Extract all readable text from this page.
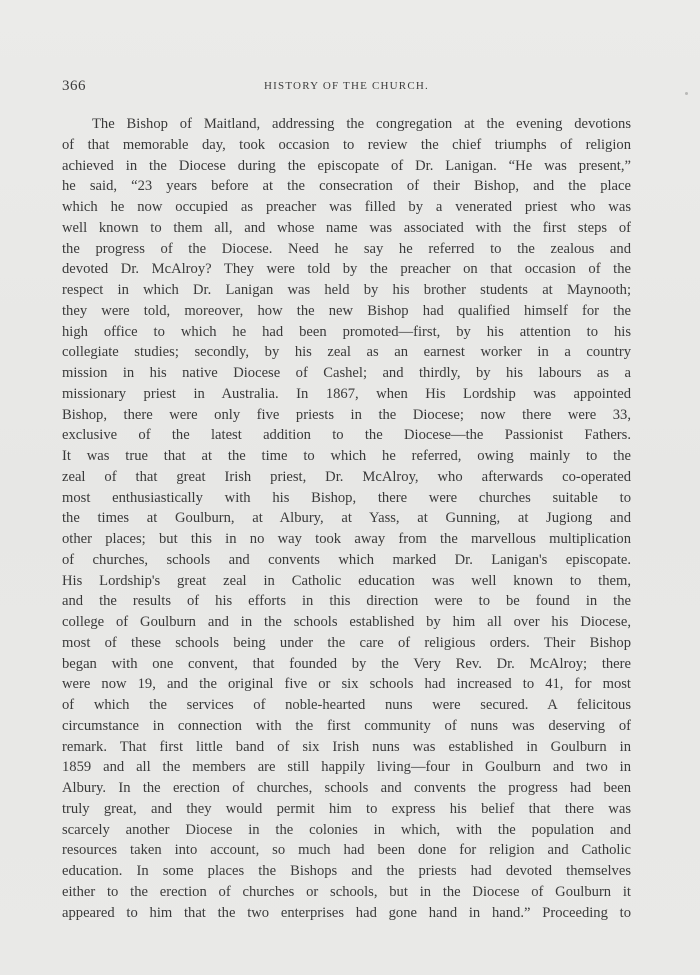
366	HISTORY OF THE CHURCH.
The Bishop of Maitland, addressing the congregation at the evening devotions
of that memorable day, took occasion to review the chief triumphs of religion
achieved in the Diocese during the episcopate of Dr. Lanigan. “He was present,”
he said, “23 years before at the consecration of their Bishop, and the place
which he now occupied as preacher was filled by a venerated priest who was
well known to them all, and whose name was associated with the first steps of
the progress of the Diocese. Need he say he referred to the zealous and
devoted Dr. McAlroy? They were told by the preacher on that occasion of the
respect in which Dr. Lanigan was held by his brother students at Maynooth;
they were told, moreover, how the new Bishop had qualified himself for the
high office to which he had been promoted—first, by his attention to his
collegiate studies; secondly, by his zeal as an earnest worker in a country
mission in his native Diocese of Cashel; and thirdly, by his labours as a
missionary priest in Australia. In 1867, when His Lordship was appointed
Bishop, there were only five priests in the Diocese; now there were 33,
exclusive of the latest addition to the Diocese—the Passionist Fathers.
It was true that at the time to which he referred, owing mainly to the
zeal of that great Irish priest, Dr. McAlroy, who afterwards co-operated
most enthusiastically with his Bishop, there were churches suitable to
the times at Goulburn, at Albury, at Yass, at Gunning, at Jugiong and
other places; but this in no way took away from the marvellous multiplication
of churches, schools and convents which marked Dr. Lanigan's episcopate.
His Lordship's great zeal in Catholic education was well known to them,
and the results of his efforts in this direction were to be found in the
college of Goulburn and in the schools established by him all over his Diocese,
most of these schools being under the care of religious orders. Their Bishop
began with one convent, that founded by the Very Rev. Dr. McAlroy; there
were now 19, and the original five or six schools had increased to 41, for most
of which the services of noble-hearted nuns were secured. A felicitous
circumstance in connection with the first community of nuns was deserving of
remark. That first little band of six Irish nuns was established in Goulburn in
1859 and all the members are still happily living—four in Goulburn and two in
Albury. In the erection of churches, schools and convents the progress had been
truly great, and they would permit him to express his belief that there was
scarcely another Diocese in the colonies in which, with the population and
resources taken into account, so much had been done for religion and Catholic
education. In some places the Bishops and the priests had devoted themselves
either to the erection of churches or schools, but in the Diocese of Goulburn it
appeared to him that the two enterprises had gone hand in hand.” Proceeding to
